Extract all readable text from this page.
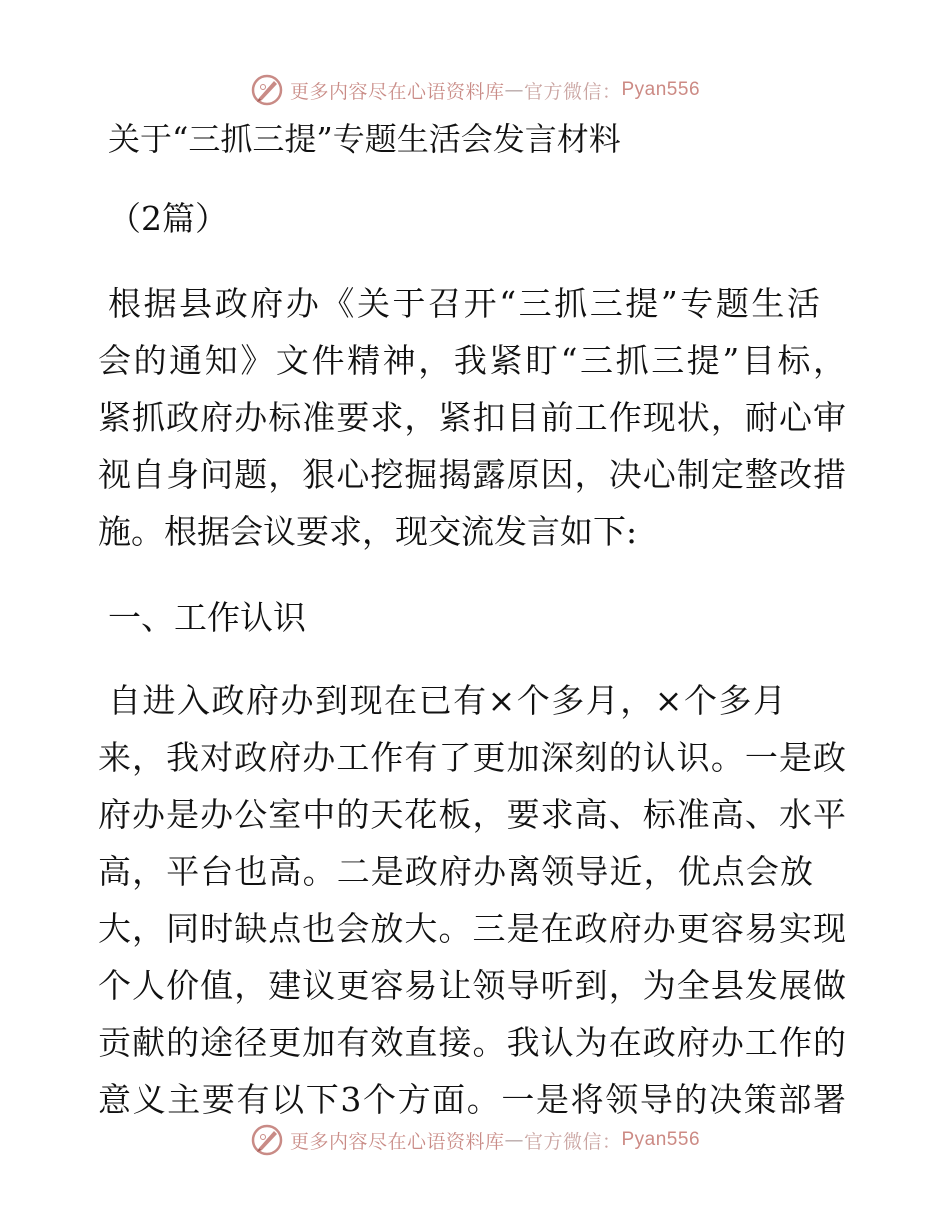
更多内容尽在心语资料库 — 官方微信： Pyan556

关于“三抓三提”专题生活会发言材料

（2篇）

根据县政府办《关于召开“三抓三提”专题生活

会的通知》文件精神，我紧盯“三抓三提”目标，

紧抓政府办标准要求，紧扣目前工作现状，耐心审

视自身问题，狠心挖掘揭露原因，决心制定整改措

施。根据会议要求，现交流发言如下:

一、工作认识

自进入政府办到现在已有×个多月，×个多月

来，我对政府办工作有了更加深刻的认识。一是政

府办是办公室中的天花板，要求高、标准高、水平

高，平台也高。二是政府办离领导近，优点会放

大，同时缺点也会放大。三是在政府办更容易实现

个人价值，建议更容易让领导听到，为全县发展做

贡献的途径更加有效直接。我认为在政府办工作的

意义主要有以下3个方面。一是将领导的决策部署

更多内容尽在心语资料库 — 官方微信： Pyan556
